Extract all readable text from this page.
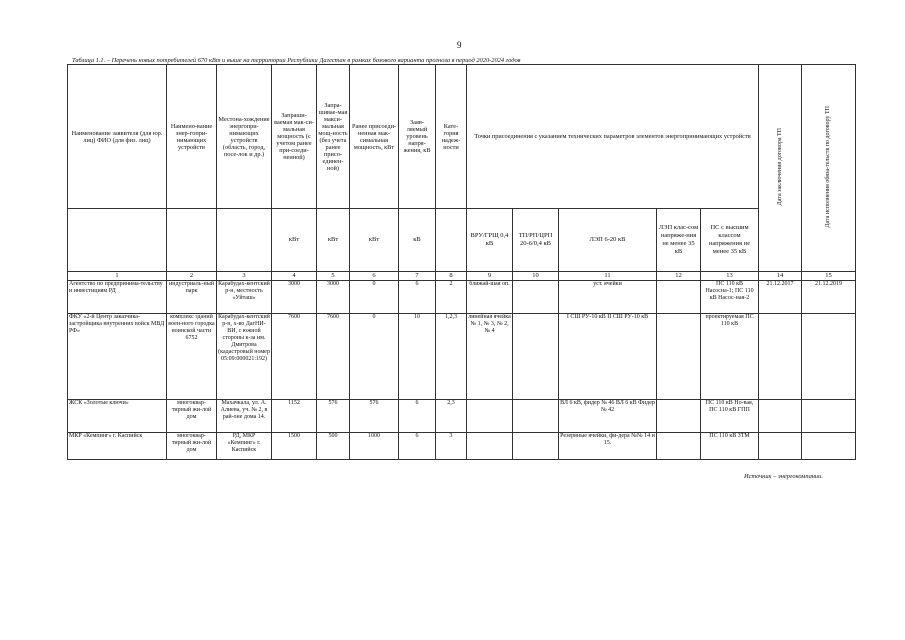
9
Таблица 1.1. – Перечень новых потребителей 670 кВт и выше на территории Республики Дагестан в рамках базового варианта прогноза в период 2020-2024 годов
Наименование заявителя (для юр. лиц) ФИО (для физ. лиц)	Наимено-вание энер-гопри-нимающих устройств	Местона-хождение энергопри-нимающих устройств (область, город, посе-лок и др.)	Запраши-ваемая мак-си-мальная мощность (с учетом ранее при-соеди-ненной)	Запра-шивае-мая макси-мальная мощ-ность (без учета ранее присо-единен-ной)	Ранее присоеди-ненная мак-симальная мощность, кВт	Заяв-ляемый уровень напря-жения, кВ	Кате-гория надеж-ности	Точки присоединения с указанием технических параметров элементов энергопринимающих устройств					Дата заключения договора ТП	Дата исполнения обяза-тельств по договору ТП
			кВт	кВт	кВт	кВ		ВРУ/ГРЩ 0,4 кВ	ТП/РП/ЦРП 20-6/0,4 кВ	ЛЭП 6-20 кВ	ЛЭП клас-сом напряже-ния не менее 35 кВ	ПС с высшим классом напряжения не менее 35 кВ		
1	2	3	4	5	6	7	8	9	10	11	12	13	14	15
Агентство по предпринима-тельству и инвестициям РД	индустриаль-ный парк	Карабудах-кентский р-н, местность «Уйташ»	3000	3000	0	6	2	ближай-шая оп.		уст. ячейки		ПС 110 кВ Насосна-1; ПС 110 кВ Насос-ная-2	21.12.2017	21.12.2019
ФКУ «2-й Центр заказчика-застройщика внутренних войск МВД РФ»	комплекс зданий воен-ного городка воинской части 6752	Карабудах-кентский р-н, х-во ДагНИ-ВИ, с южной стороны к-за им. Дмитрова (кадастровый номер 05:09:000021:192)	7600	7600	0	10	1,2,3	линейная ячейка № 1, № 3, № 2, № 4		I СШ РУ-10 кВ II СШ РУ-10 кВ		проектируемая ПС 110 кВ		
ЖСК «Золотые ключи»	многоквар-тирный жи-лой дом	Махачкала, ул. А. Алиева, уч. № 2, в рай-оне дома 14.	1152	576	576	6	2,3			ВЛ 6 кВ, фидер № 46 ВЛ 6 кВ Фидер № 42		ПС 110 кВ Но-вая, ПС 110 кВ ГПП		
МКР «Кемпинг» г. Каспийск	многоквар-тирный жи-лой дом	РД, МКР «Кемпинг» г. Каспийск	1500	500	1000	6	3			Резервные ячейки, фи-дера №№ 14 и 15.		ПС 110 кВ ЗТМ		
Источник – энергокомпании.
